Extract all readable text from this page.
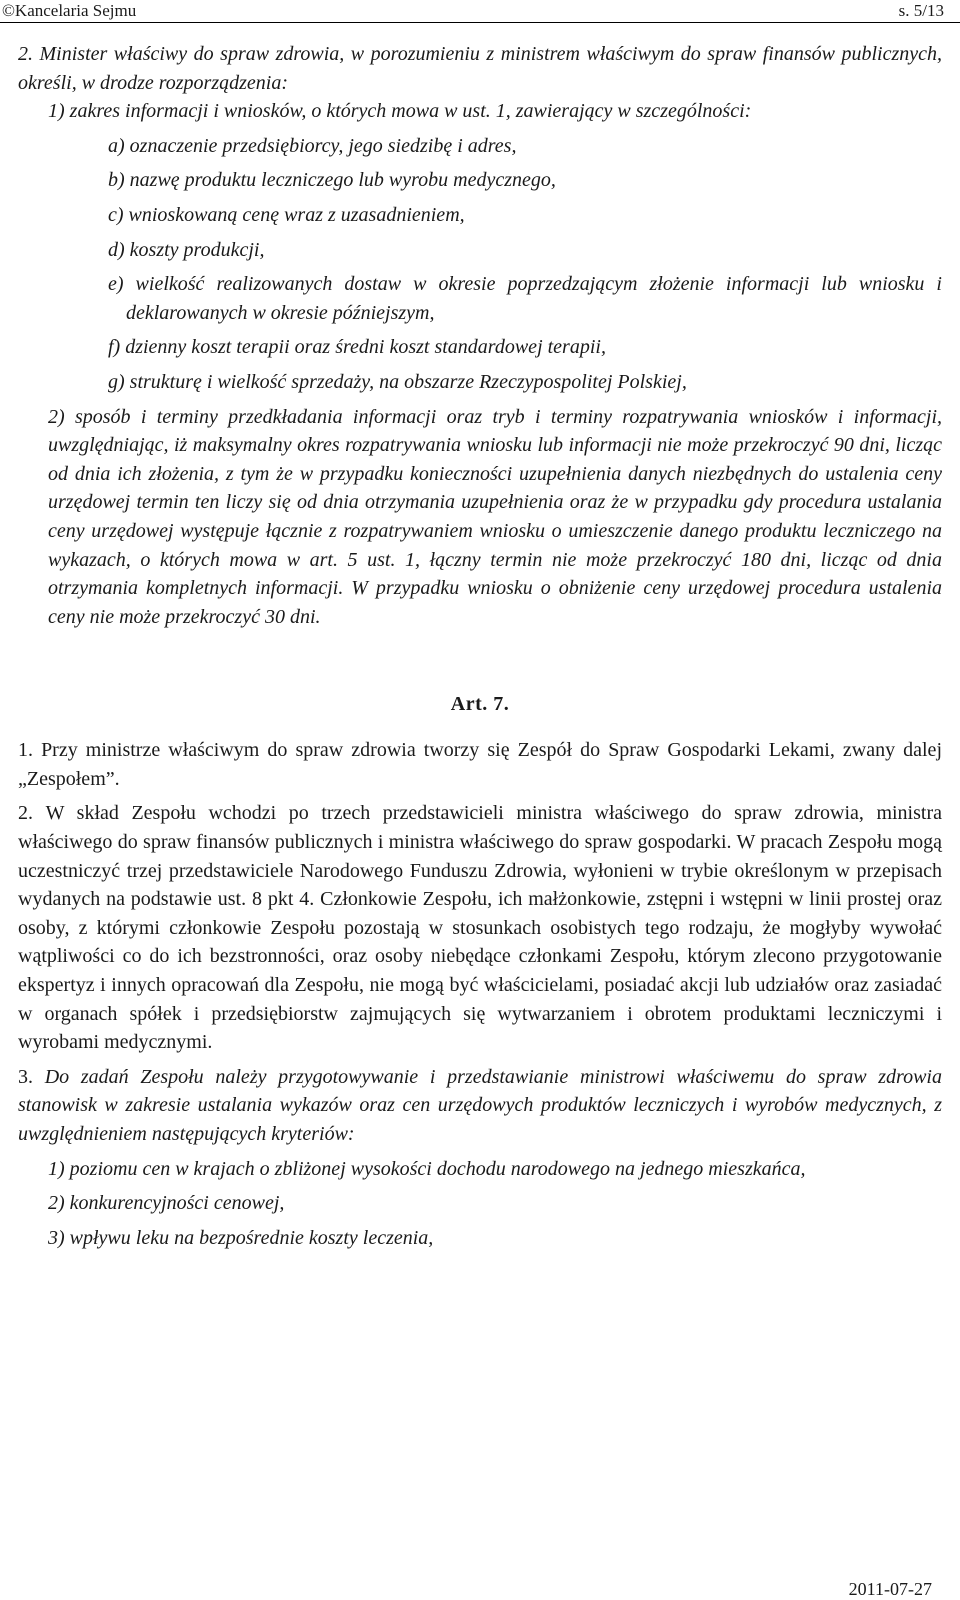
©Kancelaria Sejmu	s. 5/13

2. Minister właściwy do spraw zdrowia, w porozumieniu z ministrem właściwym do spraw finansów publicznych, określi, w drodze rozporządzenia:

1) zakres informacji i wniosków, o których mowa w ust. 1, zawierający w szczególności:

a) oznaczenie przedsiębiorcy, jego siedzibę i adres,

b) nazwę produktu leczniczego lub wyrobu medycznego,

c) wnioskowaną cenę wraz z uzasadnieniem,

d) koszty produkcji,

e) wielkość realizowanych dostaw w okresie poprzedzającym złożenie informacji lub wniosku i deklarowanych w okresie późniejszym,

f) dzienny koszt terapii oraz średni koszt standardowej terapii,

g) strukturę i wielkość sprzedaży, na obszarze Rzeczypospolitej Polskiej,

2) sposób i terminy przedkładania informacji oraz tryb i terminy rozpatrywania wniosków i informacji, uwzględniając, iż maksymalny okres rozpatrywania wniosku lub informacji nie może przekroczyć 90 dni, licząc od dnia ich złożenia, z tym że w przypadku konieczności uzupełnienia danych niezbędnych do ustalenia ceny urzędowej termin ten liczy się od dnia otrzymania uzupełnienia oraz że w przypadku gdy procedura ustalania ceny urzędowej występuje łącznie z rozpatrywaniem wniosku o umieszczenie danego produktu leczniczego na wykazach, o których mowa w art. 5 ust. 1, łączny termin nie może przekroczyć 180 dni, licząc od dnia otrzymania kompletnych informacji. W przypadku wniosku o obniżenie ceny urzędowej procedura ustalenia ceny nie może przekroczyć 30 dni.

Art. 7.

1. Przy ministrze właściwym do spraw zdrowia tworzy się Zespół do Spraw Gospodarki Lekami, zwany dalej „Zespołem”.

2. W skład Zespołu wchodzi po trzech przedstawicieli ministra właściwego do spraw zdrowia, ministra właściwego do spraw finansów publicznych i ministra właściwego do spraw gospodarki. W pracach Zespołu mogą uczestniczyć trzej przedstawiciele Narodowego Funduszu Zdrowia, wyłonieni w trybie określonym w przepisach wydanych na podstawie ust. 8 pkt 4. Członkowie Zespołu, ich małżonkowie, zstępni i wstępni w linii prostej oraz osoby, z którymi członkowie Zespołu pozostają w stosunkach osobistych tego rodzaju, że mogłyby wywołać wątpliwości co do ich bezstronności, oraz osoby niebędące członkami Zespołu, którym zlecono przygotowanie ekspertyz i innych opracowań dla Zespołu, nie mogą być właścicielami, posiadać akcji lub udziałów oraz zasiadać w organach spółek i przedsiębiorstw zajmujących się wytwarzaniem i obrotem produktami leczniczymi i wyrobami medycznymi.

3. Do zadań Zespołu należy przygotowywanie i przedstawianie ministrowi właściwemu do spraw zdrowia stanowisk w zakresie ustalania wykazów oraz cen urzędowych produktów leczniczych i wyrobów medycznych, z uwzględnieniem następujących kryteriów:

1) poziomu cen w krajach o zbliżonej wysokości dochodu narodowego na jednego mieszkańca,

2) konkurencyjności cenowej,

3) wpływu leku na bezpośrednie koszty leczenia,

2011-07-27
